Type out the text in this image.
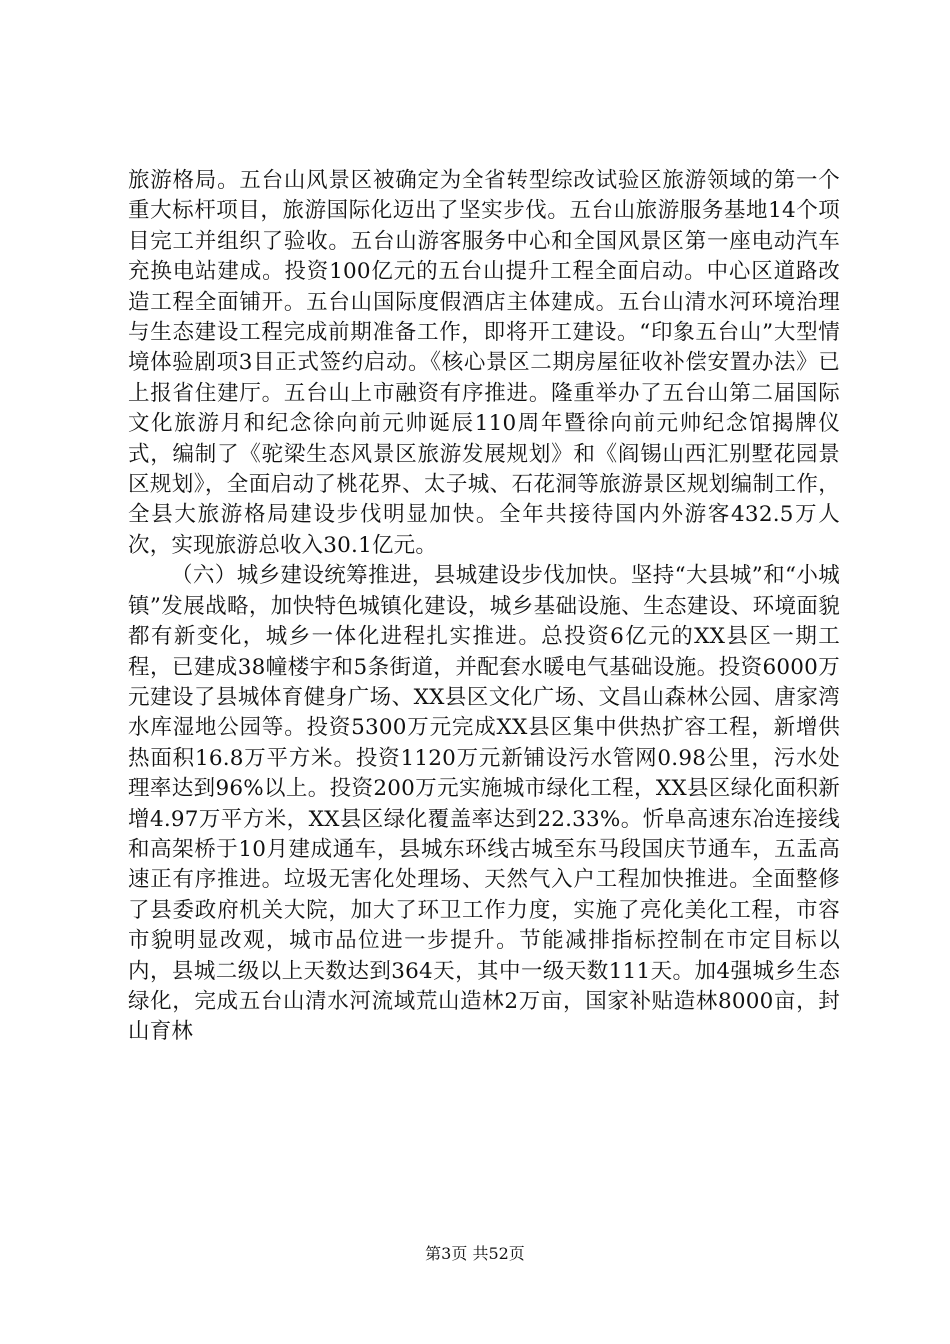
旅游格局。五台山风景区被确定为全省转型综改试验区旅游领域的第一个重大标杆项目，旅游国际化迈出了坚实步伐。五台山旅游服务基地14个项目完工并组织了验收。五台山游客服务中心和全国风景区第一座电动汽车充换电站建成。投资100亿元的五台山提升工程全面启动。中心区道路改造工程全面铺开。五台山国际度假酒店主体建成。五台山清水河环境治理与生态建设工程完成前期准备工作，即将开工建设。“印象五台山”大型情境体验剧项3目正式签约启动。《核心景区二期房屋征收补偿安置办法》已上报省住建厅。五台山上市融资有序推进。隆重举办了五台山第二届国际文化旅游月和纪念徐向前元帅诞辰110周年暨徐向前元帅纪念馆揭牌仪式，编制了《驼梁生态风景区旅游发展规划》和《阎锡山西汇别墅花园景区规划》，全面启动了桃花界、太子城、石花洞等旅游景区规划编制工作，全县大旅游格局建设步伐明显加快。全年共接待国内外游客432.5万人次，实现旅游总收入30.1亿元。

（六）城乡建设统筹推进，县城建设步伐加快。坚持“大县城”和“小城镇”发展战略，加快特色城镇化建设，城乡基础设施、生态建设、环境面貌都有新变化，城乡一体化进程扎实推进。总投资6亿元的XX县区一期工程，已建成38幢楼宇和5条街道，并配套水暖电气基础设施。投资6000万元建设了县城体育健身广场、XX县区文化广场、文昌山森林公园、唐家湾水库湿地公园等。投资5300万元完成XX县区集中供热扩容工程，新增供热面积16.8万平方米。投资1120万元新铺设污水管网0.98公里，污水处理率达到96%以上。投资200万元实施城市绿化工程，XX县区绿化面积新增4.97万平方米，XX县区绿化覆盖率达到22.33%。忻阜高速东冶连接线和高架桥于10月建成通车，县城东环线古城至东马段国庆节通车，五盂高速正有序推进。垃圾无害化处理场、天然气入户工程加快推进。全面整修了县委政府机关大院，加大了环卫工作力度，实施了亮化美化工程，市容市貌明显改观，城市品位进一步提升。节能减排指标控制在市定目标以内，县城二级以上天数达到364天，其中一级天数111天。加4强城乡生态绿化，完成五台山清水河流域荒山造林2万亩，国家补贴造林8000亩，封山育林

第3页 共52页
